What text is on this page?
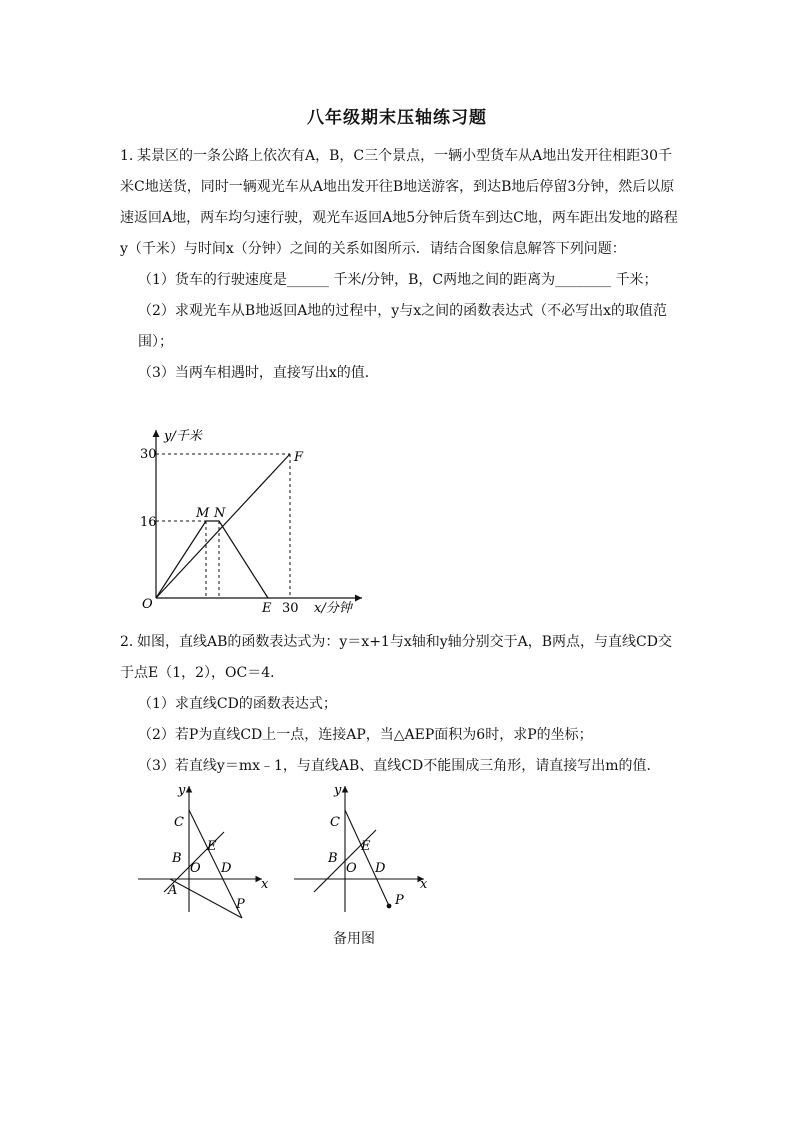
八年级期末压轴练习题

1．某景区的一条公路上依次有A，B，C三个景点，一辆小型货车从A地出发开往相距30千米C地送货，同时一辆观光车从A地出发开往B地送游客，到达B地后停留3分钟，然后以原速返回A地，两车均匀速行驶，观光车返回A地5分钟后货车到达C地，两车距出发地的路程y（千米）与时间x（分钟）之间的关系如图所示．请结合图象信息解答下列问题：

（1）货车的行驶速度是______ 千米/分钟，B，C两地之间的距离为________ 千米；

（2）求观光车从B地返回A地的过程中，y与x之间的函数表达式（不必写出x的取值范围）；

（3）当两车相遇时，直接写出x的值．

y/千米
x/分钟
30
16
O	E 30
M N
F

2．如图，直线AB的函数表达式为：y＝x+1与x轴和y轴分别交于A，B两点，与直线CD交于点E（1，2），OC＝4．

（1）求直线CD的函数表达式；

（2）若P为直线CD上一点，连接AP，当△AEP面积为6时，求P的坐标；

（3）若直线y＝mx﹣1，与直线AB、直线CD不能围成三角形，请直接写出m的值．

y
x
C
B
O
E
D
A
P
y
x
C
B
O
E
D
P
备用图
